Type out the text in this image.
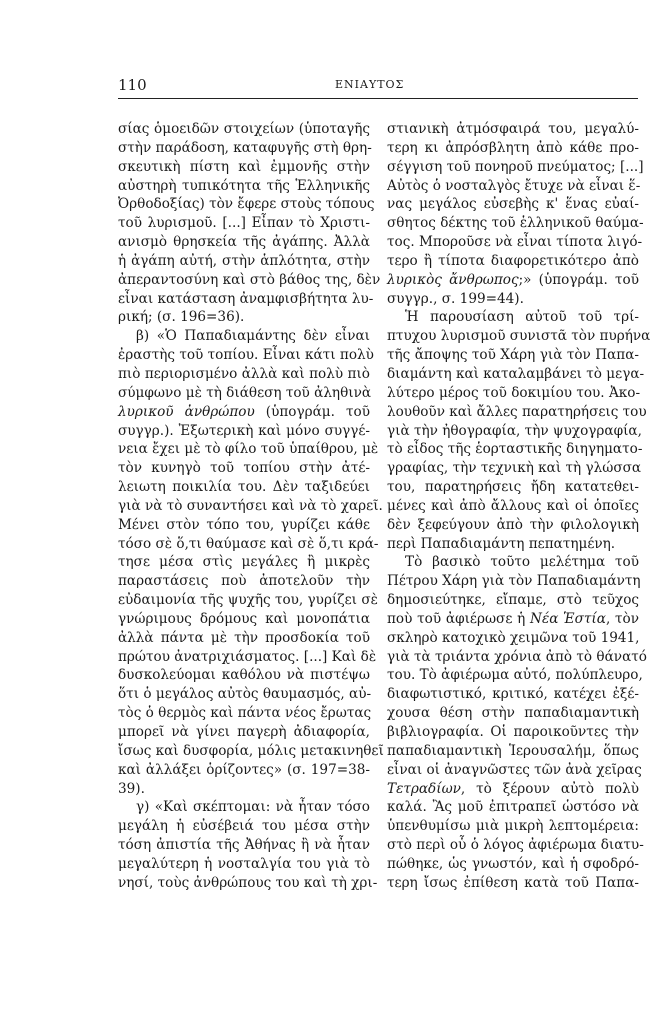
110	ΕΝΙΑΥΤΟΣ
σίας ὁμοειδῶν στοιχείων (ὑποταγῆς
στὴν παράδοση, καταφυγῆς στὴ θρη-
σκευτικὴ πίστη καὶ ἐμμονῆς στὴν
αὐστηρὴ τυπικότητα τῆς Ἑλληνικῆς
Ὀρθοδοξίας) τὸν ἔφερε στοὺς τόπους
τοῦ λυρισμοῦ. [...] Εἶπαν τὸ Χριστι-
ανισμὸ θρησκεία τῆς ἀγάπης. Ἀλλὰ
ἡ ἀγάπη αὐτή, στὴν ἁπλότητα, στὴν
ἀπεραντοσύνη καὶ στὸ βάθος της, δὲν
εἶναι κατάσταση ἀναμφισβήτητα λυ-
ρική; (σ. 196=36).
β) «Ὁ Παπαδιαμάντης δὲν εἶναι
ἐραστὴς τοῦ τοπίου. Εἶναι κάτι πολὺ
πιὸ περιορισμένο ἀλλὰ καὶ πολὺ πιὸ
σύμφωνο μὲ τὴ διάθεση τοῦ ἀληθινὰ
λυρικοῦ ἀνθρώπου (ὑπογράμ. τοῦ
συγγρ.). Ἐξωτερικὴ καὶ μόνο συγγέ-
νεια ἔχει μὲ τὸ φίλο τοῦ ὑπαίθρου, μὲ
τὸν κυνηγὸ τοῦ τοπίου στὴν ἀτέ-
λειωτη ποικιλία του. Δὲν ταξιδεύει
γιὰ νὰ τὸ συναντήσει καὶ νὰ τὸ χαρεῖ.
Μένει στὸν τόπο του, γυρίζει κάθε
τόσο σὲ ὅ,τι θαύμασε καὶ σὲ ὅ,τι κρά-
τησε μέσα στὶς μεγάλες ἢ μικρὲς
παραστάσεις ποὺ ἀποτελοῦν τὴν
εὐδαιμονία τῆς ψυχῆς του, γυρίζει σὲ
γνώριμους δρόμους καὶ μονοπάτια
ἀλλὰ πάντα μὲ τὴν προσδοκία τοῦ
πρώτου ἀνατριχιάσματος. [...] Καὶ δὲ
δυσκολεύομαι καθόλου νὰ πιστέψω
ὅτι ὁ μεγάλος αὐτὸς θαυμασμός, αὐ-
τὸς ὁ θερμὸς καὶ πάντα νέος ἔρωτας
μπορεῖ νὰ γίνει παγερὴ ἀδιαφορία,
ἴσως καὶ δυσφορία, μόλις μετακινηθεῖ
καὶ ἀλλάξει ὁρίζοντες» (σ. 197=38-
39).
γ) «Καὶ σκέπτομαι: νὰ ἦταν τόσο
μεγάλη ἡ εὐσέβειά του μέσα στὴν
τόση ἀπιστία τῆς Ἀθήνας ἢ νὰ ἦταν
μεγαλύτερη ἡ νοσταλγία του γιὰ τὸ
νησί, τοὺς ἀνθρώπους του καὶ τὴ χρι-
στιανικὴ ἀτμόσφαιρά του, μεγαλύ-
τερη κι ἀπρόσβλητη ἀπὸ κάθε προ-
σέγγιση τοῦ πονηροῦ πνεύματος; [...]
Αὐτὸς ὁ νοσταλγὸς ἔτυχε νὰ εἶναι ἕ-
νας μεγάλος εὐσεβὴς κ' ἕνας εὐαί-
σθητος δέκτης τοῦ ἑλληνικοῦ θαύμα-
τος. Μποροῦσε νὰ εἶναι τίποτα λιγό-
τερο ἢ τίποτα διαφορετικότερο ἀπὸ
λυρικὸς ἄνθρωπος;» (ὑπογράμ. τοῦ
συγγρ., σ. 199=44).
Ἡ παρουσίαση αὐτοῦ τοῦ τρί-
πτυχου λυρισμοῦ συνιστᾶ τὸν πυρήνα
τῆς ἄποψης τοῦ Χάρη γιὰ τὸν Παπα-
διαμάντη καὶ καταλαμβάνει τὸ μεγα-
λύτερο μέρος τοῦ δοκιμίου του. Ἀκο-
λουθοῦν καὶ ἄλλες παρατηρήσεις του
γιὰ τὴν ἠθογραφία, τὴν ψυχογραφία,
τὸ εἶδος τῆς ἑορταστικῆς διηγηματο-
γραφίας, τὴν τεχνικὴ καὶ τὴ γλώσσα
του, παρατηρήσεις ἤδη κατατεθει-
μένες καὶ ἀπὸ ἄλλους καὶ οἱ ὁποῖες
δὲν ξεφεύγουν ἀπὸ τὴν φιλολογικὴ
περὶ Παπαδιαμάντη πεπατημένη.
Τὸ βασικὸ τοῦτο μελέτημα τοῦ
Πέτρου Χάρη γιὰ τὸν Παπαδιαμάντη
δημοσιεύτηκε, εἴπαμε, στὸ τεῦχος
ποὺ τοῦ ἀφιέρωσε ἡ Νέα Ἑστία, τὸν
σκληρὸ κατοχικὸ χειμῶνα τοῦ 1941,
γιὰ τὰ τριάντα χρόνια ἀπὸ τὸ θάνατό
του. Τὸ ἀφιέρωμα αὐτό, πολύπλευρο,
διαφωτιστικό, κριτικό, κατέχει ἐξέ-
χουσα θέση στὴν παπαδιαμαντικὴ
βιβλιογραφία. Οἱ παροικοῦντες τὴν
παπαδιαμαντικὴ Ἱερουσαλήμ, ὅπως
εἶναι οἱ ἀναγνῶστες τῶν ἀνὰ χεῖρας
Τετραδίων, τὸ ξέρουν αὐτὸ πολὺ
καλά. Ἂς μοῦ ἐπιτραπεῖ ὡστόσο νὰ
ὑπενθυμίσω μιὰ μικρὴ λεπτομέρεια:
στὸ περὶ οὗ ὁ λόγος ἀφιέρωμα διατυ-
πώθηκε, ὡς γνωστόν, καὶ ἡ σφοδρό-
τερη ἴσως ἐπίθεση κατὰ τοῦ Παπα-
